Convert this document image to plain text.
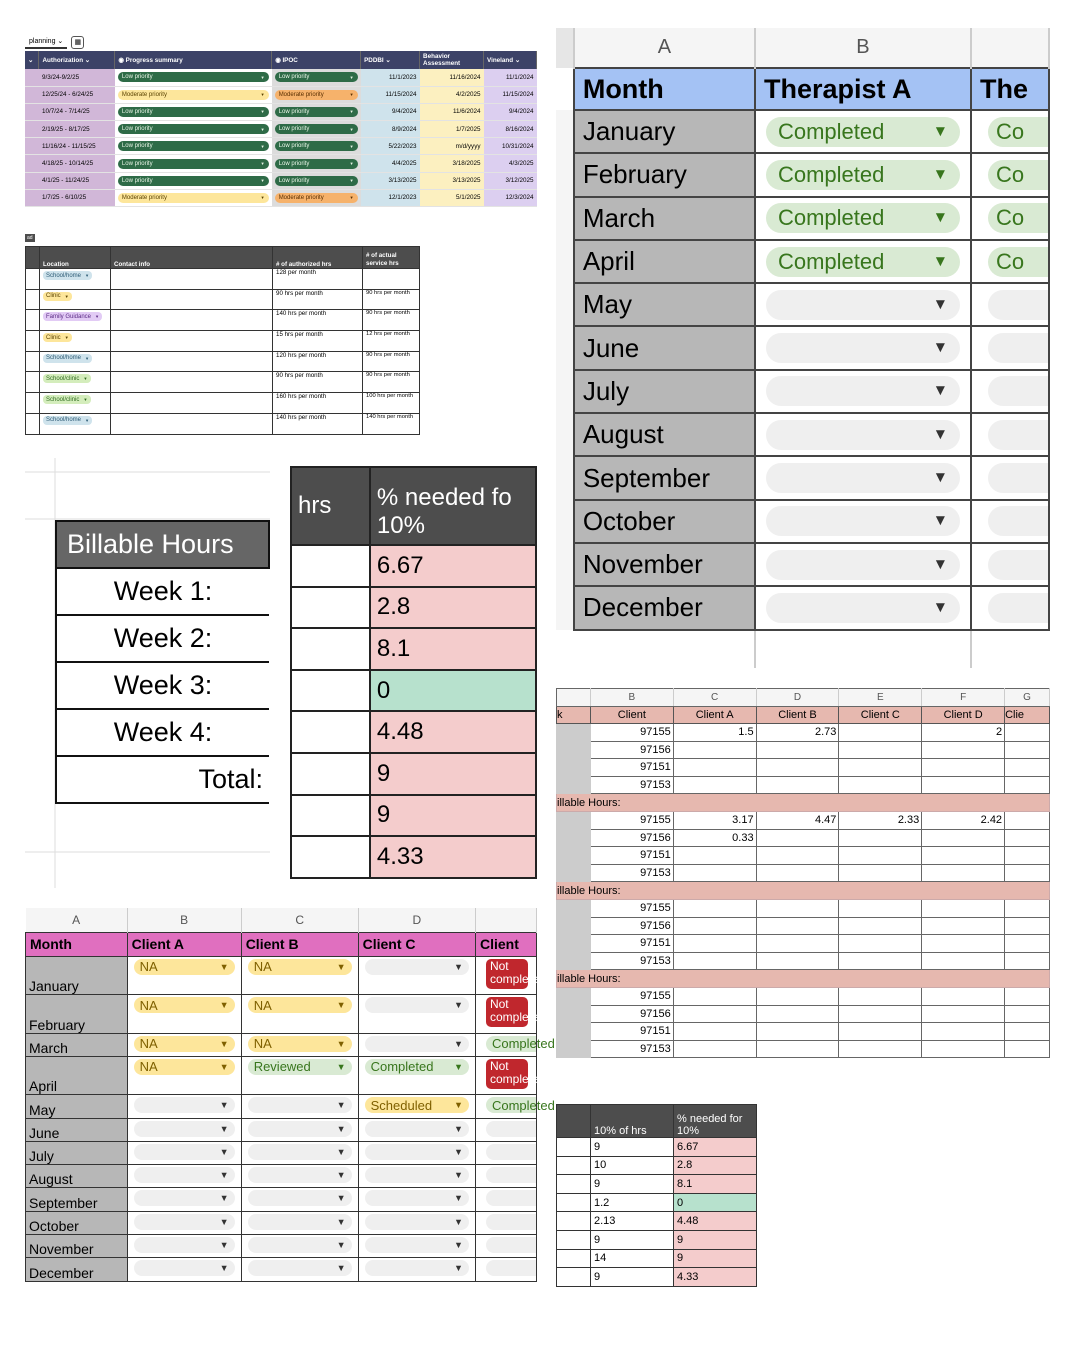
planning ⌄	▦
⌄	Authorization ⌄	◉ Progress summary	◉ IPOC	PDDBI ⌄	Behavior Assessment	Vineland ⌄
	9/3/24-9/2/25	Low priority ▼	Low priority ▼	11/1/2023	11/16/2024	11/1/2024
	12/25/24 - 6/24/25	Moderate priority ▼	Moderate priority ▼	11/15/2024	4/2/2025	11/15/2024
	10/7/24 - 7/14/25	Low priority ▼	Low priority ▼	9/4/2024	11/6/2024	9/4/2024
	2/19/25 - 8/17/25	Low priority ▼	Low priority ▼	8/9/2024	1/7/2025	8/16/2024
	11/16/24 - 11/15/25	Low priority ▼	Low priority ▼	5/22/2023	m/d/yyyy	10/31/2024
	4/18/25 - 10/14/25	Low priority ▼	Low priority ▼	4/4/2025	3/18/2025	4/3/2025
	4/1/25 - 11/24/25	Low priority ▼	Low priority ▼	3/13/2025	3/13/2025	3/12/2025
	1/7/25 - 6/10/25	Moderate priority ▼	Moderate priority ▼	12/1/2023	5/1/2025	12/3/2024
ad
	Location	Contact info	# of authorized hrs	# of actual service hrs

	School/home ▼		128 per month	

	Clinic ▼		90 hrs per month	90 hrs per month

	Family Guidance ▼		140 hrs per month	90 hrs per month

	Clinic ▼		15 hrs per month	12 hrs per month

	School/home ▼		120 hrs per month	90 hrs per month

	School/clinic ▼		90 hrs per month	90 hrs per month

	School/clinic ▼		160 hrs per month	100 hrs per month

	School/home ▼		140 hrs per month	140 hrs per month
	A	B	
	Month	Therapist A	The
	January	Completed ▼	Co

	February	Completed ▼	Co

	March	Completed ▼	Co

	April	Completed ▼	Co

	May	▼	

	June	▼	

	July	▼	

	August	▼	

	September	▼	

	October	▼	

	November	▼	

	December	▼	

Billable Hours
Week 1:
Week 2:
Week 3:
Week 4:
Total:
hrs	% needed fo 10%
	6.67
	2.8
	8.1
	0
	4.48
	9
	9
	4.33
A	B	C	D	
Month	Client A	Client B	Client C	Client
January	NA ▼	NA ▼	▼	Not completed

February	NA ▼	NA ▼	▼	Not completed

March	NA ▼	NA ▼	▼	Completed

April	NA ▼	Reviewed ▼	Completed ▼	Not completed

May	▼	▼	Scheduled ▼	Completed

June	▼	▼	▼	

July	▼	▼	▼	

August	▼	▼	▼	

September	▼	▼	▼	

October	▼	▼	▼	

November	▼	▼	▼	

December	▼	▼	▼	

	B	C	D	E	F	G
k	Client	Client A	Client B	Client C	Client D	Clie
	97155	1.5	2.73		2	
	97156					
	97151					
	97153					
illable Hours:						
	97155	3.17	4.47	2.33	2.42	
	97156	0.33				
	97151					
	97153					
illable Hours:						
	97155					
	97156					
	97151					
	97153					
illable Hours:						
	97155					
	97156					
	97151					
	97153					
	10% of hrs	% needed for 10%
	9	6.67
	10	2.8
	9	8.1
	1.2	0
	2.13	4.48
	9	9
	14	9
	9	4.33
